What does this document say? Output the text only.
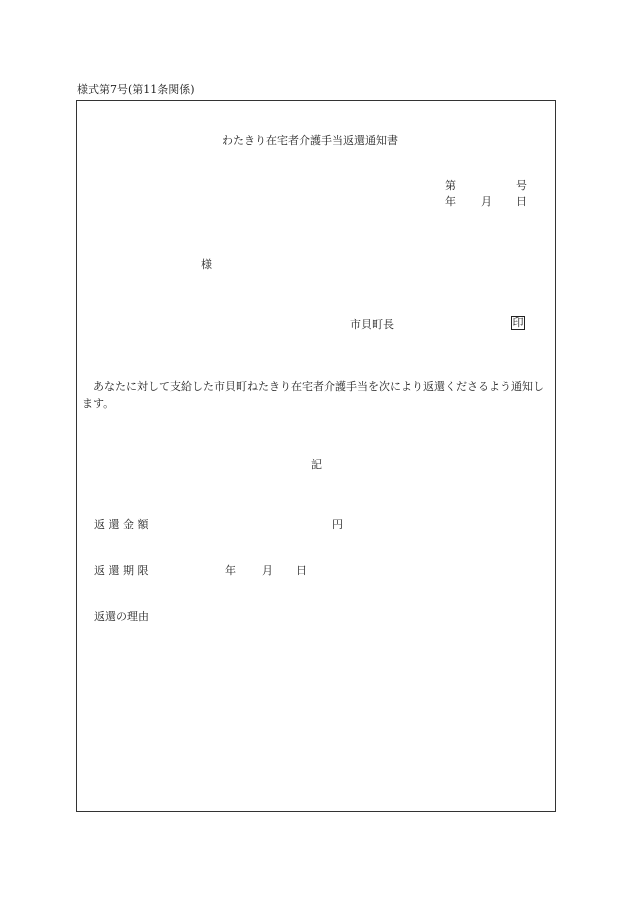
様式第7号(第11条関係)
わたきり在宅者介護手当返還通知書
第	号
年 月 日
様
市貝町長	印
あなたに対して支給した市貝町ねたきり在宅者介護手当を次により返還くださるよう通知します。
記
返 還 金 額	円
返 還 期 限	年 月 日
返還の理由
